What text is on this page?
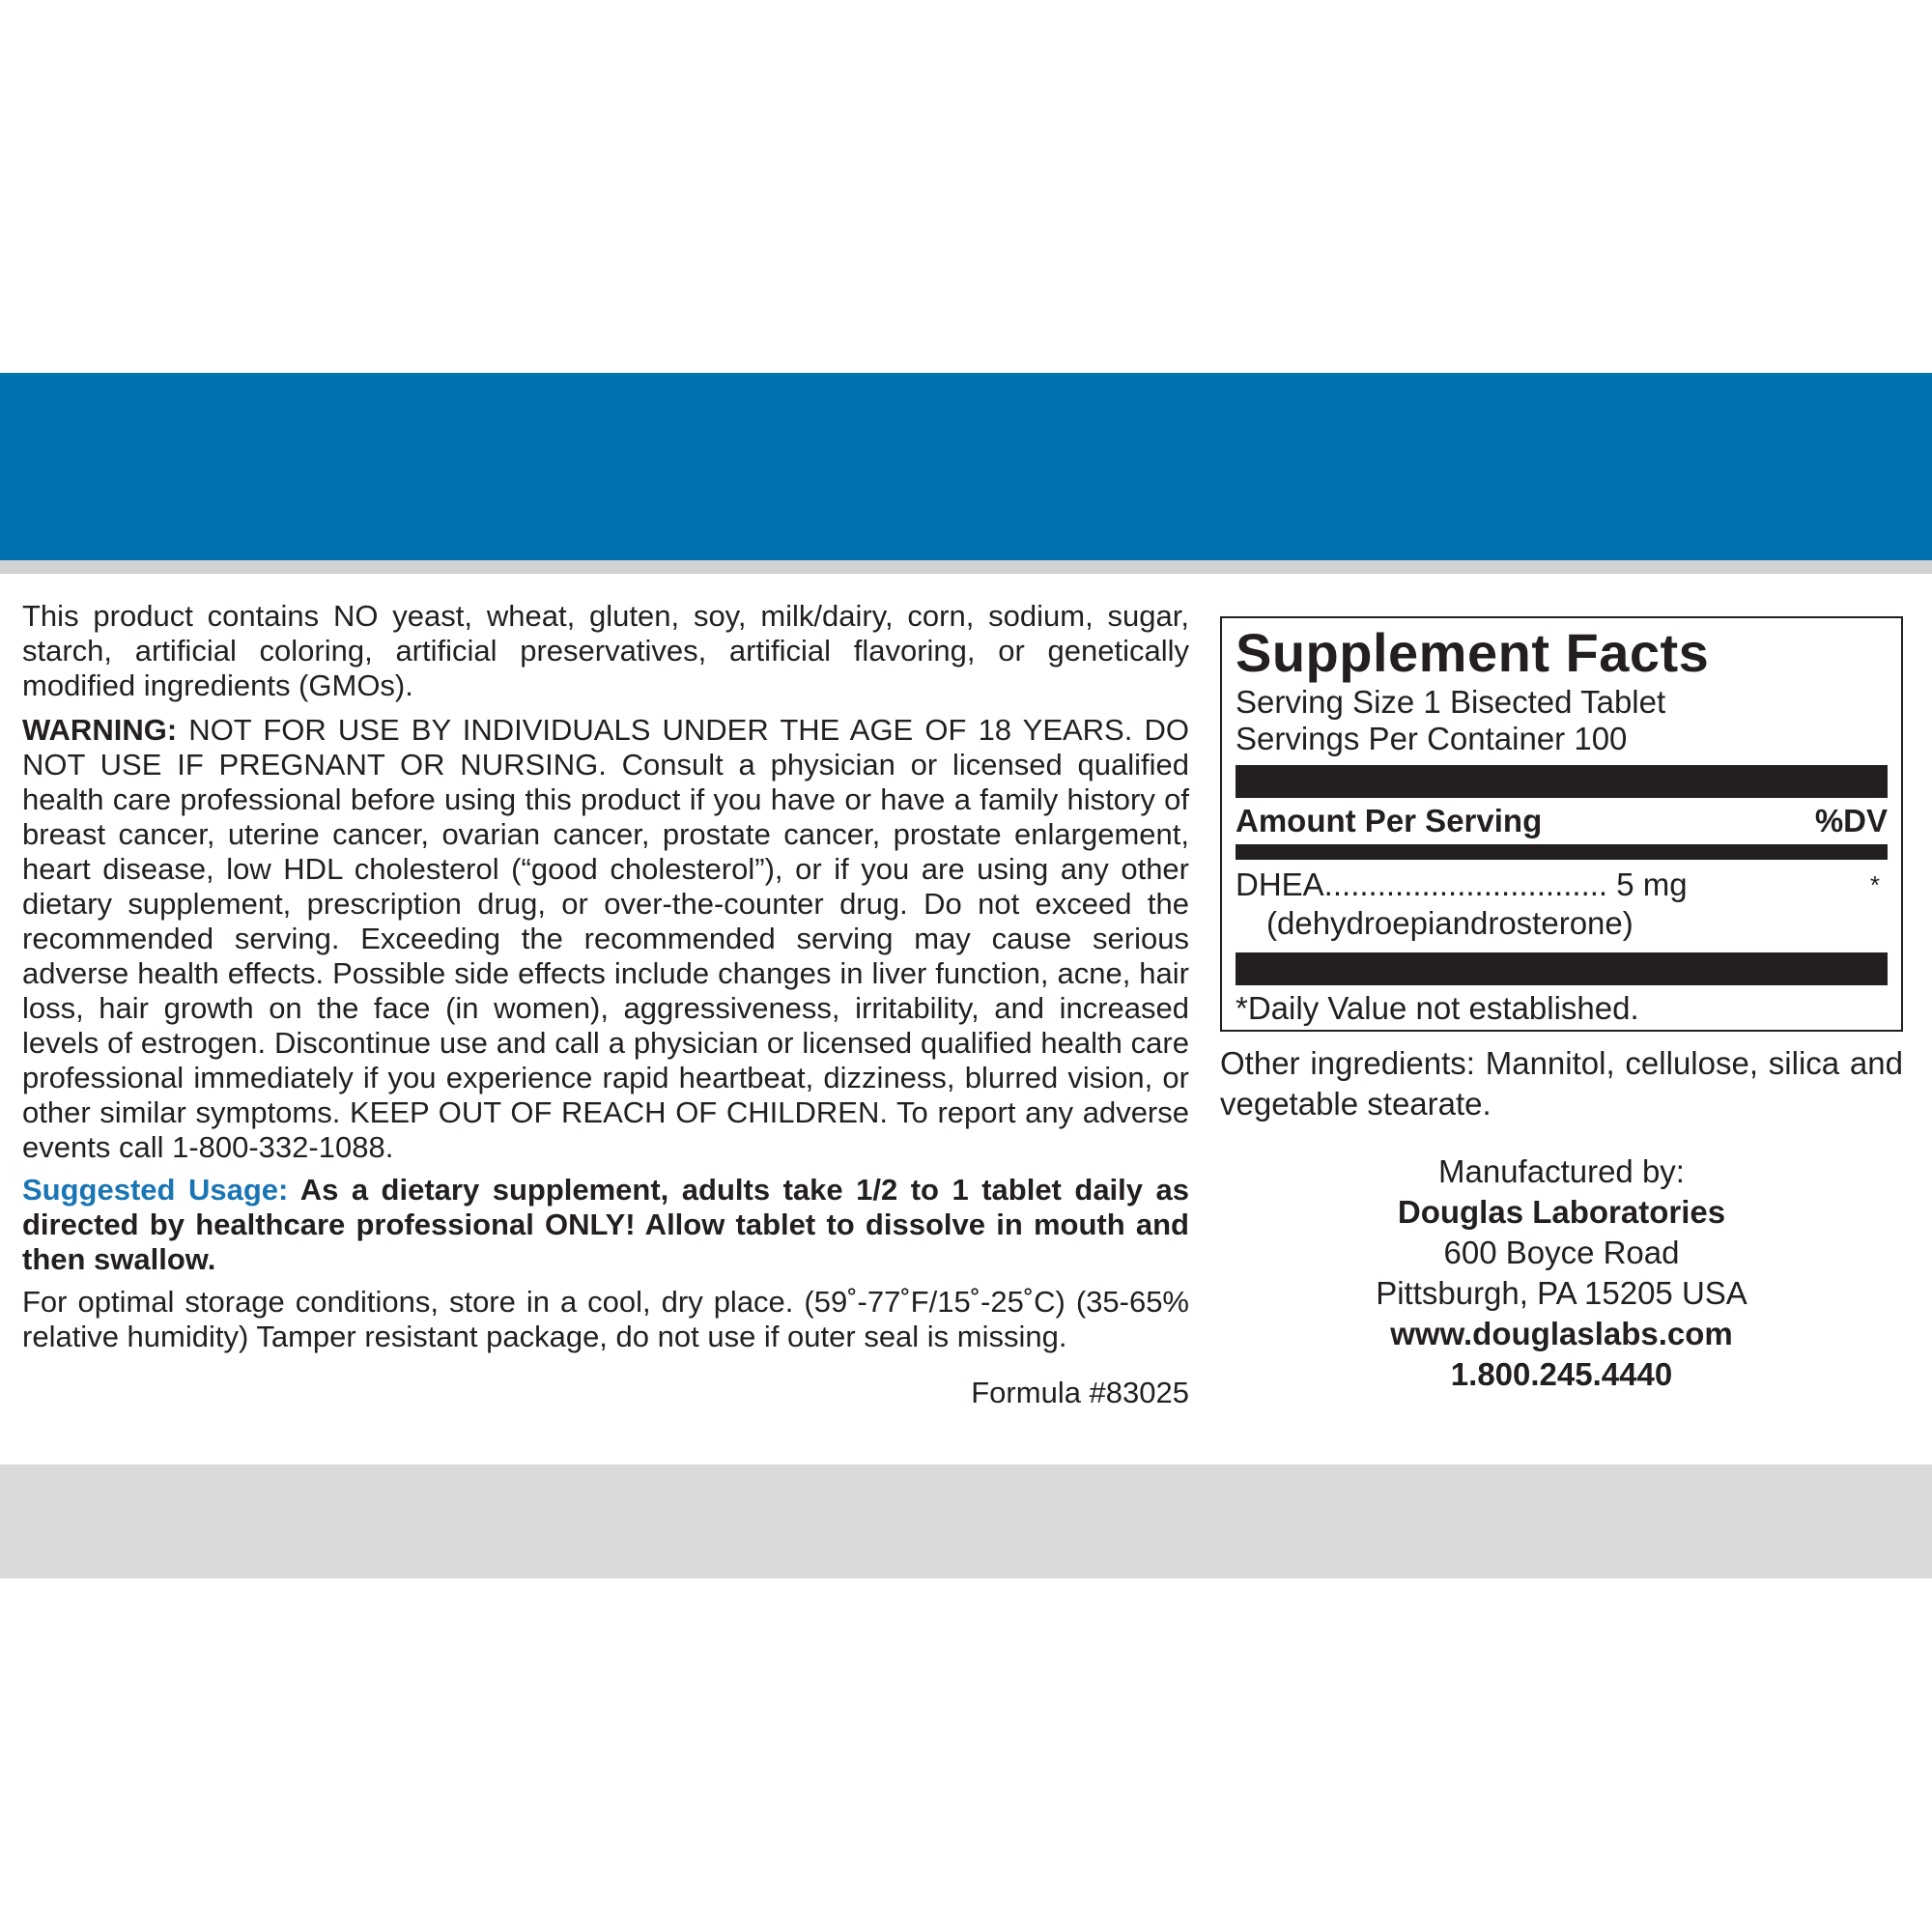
This product contains NO yeast, wheat, gluten, soy, milk/dairy, corn, sodium, sugar, starch, artificial coloring, artificial preservatives, artificial flavoring, or genetically modified ingredients (GMOs).

WARNING: NOT FOR USE BY INDIVIDUALS UNDER THE AGE OF 18 YEARS. DO NOT USE IF PREGNANT OR NURSING. Consult a physician or licensed qualified health care professional before using this product if you have or have a family history of breast cancer, uterine cancer, ovarian cancer, prostate cancer, prostate enlargement, heart disease, low HDL cholesterol (“good cholesterol”), or if you are using any other dietary supplement, prescription drug, or over-the-counter drug. Do not exceed the recommended serving. Exceeding the recommended serving may cause serious adverse health effects. Possible side effects include changes in liver function, acne, hair loss, hair growth on the face (in women), aggressiveness, irritability, and increased levels of estrogen. Discontinue use and call a physician or licensed qualified health care professional immediately if you experience rapid heartbeat, dizziness, blurred vision, or other similar symptoms. KEEP OUT OF REACH OF CHILDREN. To report any adverse events call 1-800-332-1088.

Suggested Usage: As a dietary supplement, adults take 1/2 to 1 tablet daily as directed by healthcare professional ONLY! Allow tablet to dissolve in mouth and then swallow.

For optimal storage conditions, store in a cool, dry place. (59˚-77˚F/15˚-25˚C) (35-65% relative humidity) Tamper resistant package, do not use if outer seal is missing.

Formula #83025

Supplement Facts

Serving Size 1 Bisected Tablet

Servings Per Container 100

Amount Per Serving	%DV
DHEA................................ 5 mg	*
(dehydroepiandrosterone)
*Daily Value not established.

Other ingredients: Mannitol, cellulose, silica and vegetable stearate.

Manufactured by:
Douglas Laboratories
600 Boyce Road
Pittsburgh, PA 15205 USA
www.douglaslabs.com
1.800.245.4440
